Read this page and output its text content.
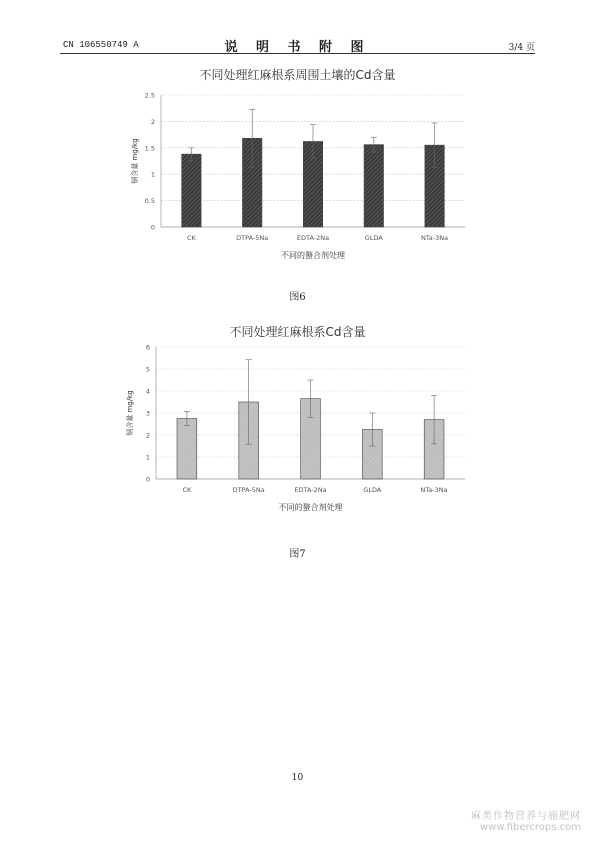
CN 106550749 A	说 明 书 附 图	3/4 页
不同处理红麻根系周围土壤的Cd含量
0
0.5
1
1.5
2
2.5
CK	DTPA-5Na	EDTA-2Na	GLDA	NTa-3Na
不同的螯合剂处理
镉含量 mg/kg
图6
不同处理红麻根系Cd含量
0
1
2
3
4
5
6
CK	DTPA-5Na	EDTA-2Na	GLDA	NTa-3Na
不同的螯合剂处理
镉含量 mg/kg
图7
10
麻类作物营养与施肥网
www.fibercrops.com
